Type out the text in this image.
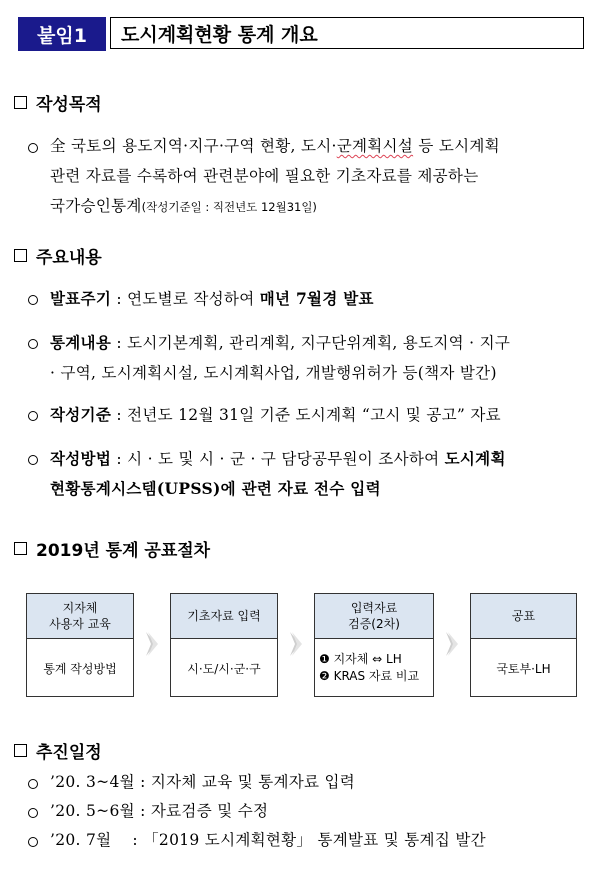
붙임1	도시계획현황 통계 개요
작성목적
全 국토의 용도지역·지구·구역 현황, 도시·군계획시설 등 도시계획
관련 자료를 수록하여 관련분야에 필요한 기초자료를 제공하는
국가승인통계(작성기준일 : 직전년도 12월31일)
주요내용
발표주기 : 연도별로 작성하여 매년 7월경 발표
통계내용 : 도시기본계획, 관리계획, 지구단위계획, 용도지역 · 지구
· 구역, 도시계획시설, 도시계획사업, 개발행위허가 등(책자 발간)
작성기준 : 전년도 12월 31일 기준 도시계획 “고시 및 공고” 자료
작성방법 : 시 · 도 및 시 · 군 · 구 담당공무원이 조사하여 도시계획
현황통계시스템(UPSS)에 관련 자료 전수 입력
2019년 통계 공표절차
지자체
사용자 교육
통계 작성방법
기초자료 입력
시·도/시·군·구
입력자료
검증(2차)
❶ 지자체 ⇔ LH
❷ KRAS 자료 비교
공표
국토부·LH
추진일정
’20. 3~4월 : 지자체 교육 및 통계자료 입력
’20. 5~6월 : 자료검증 및 수정
’20. 7월    : 「2019 도시계획현황」 통계발표 및 통계집 발간
